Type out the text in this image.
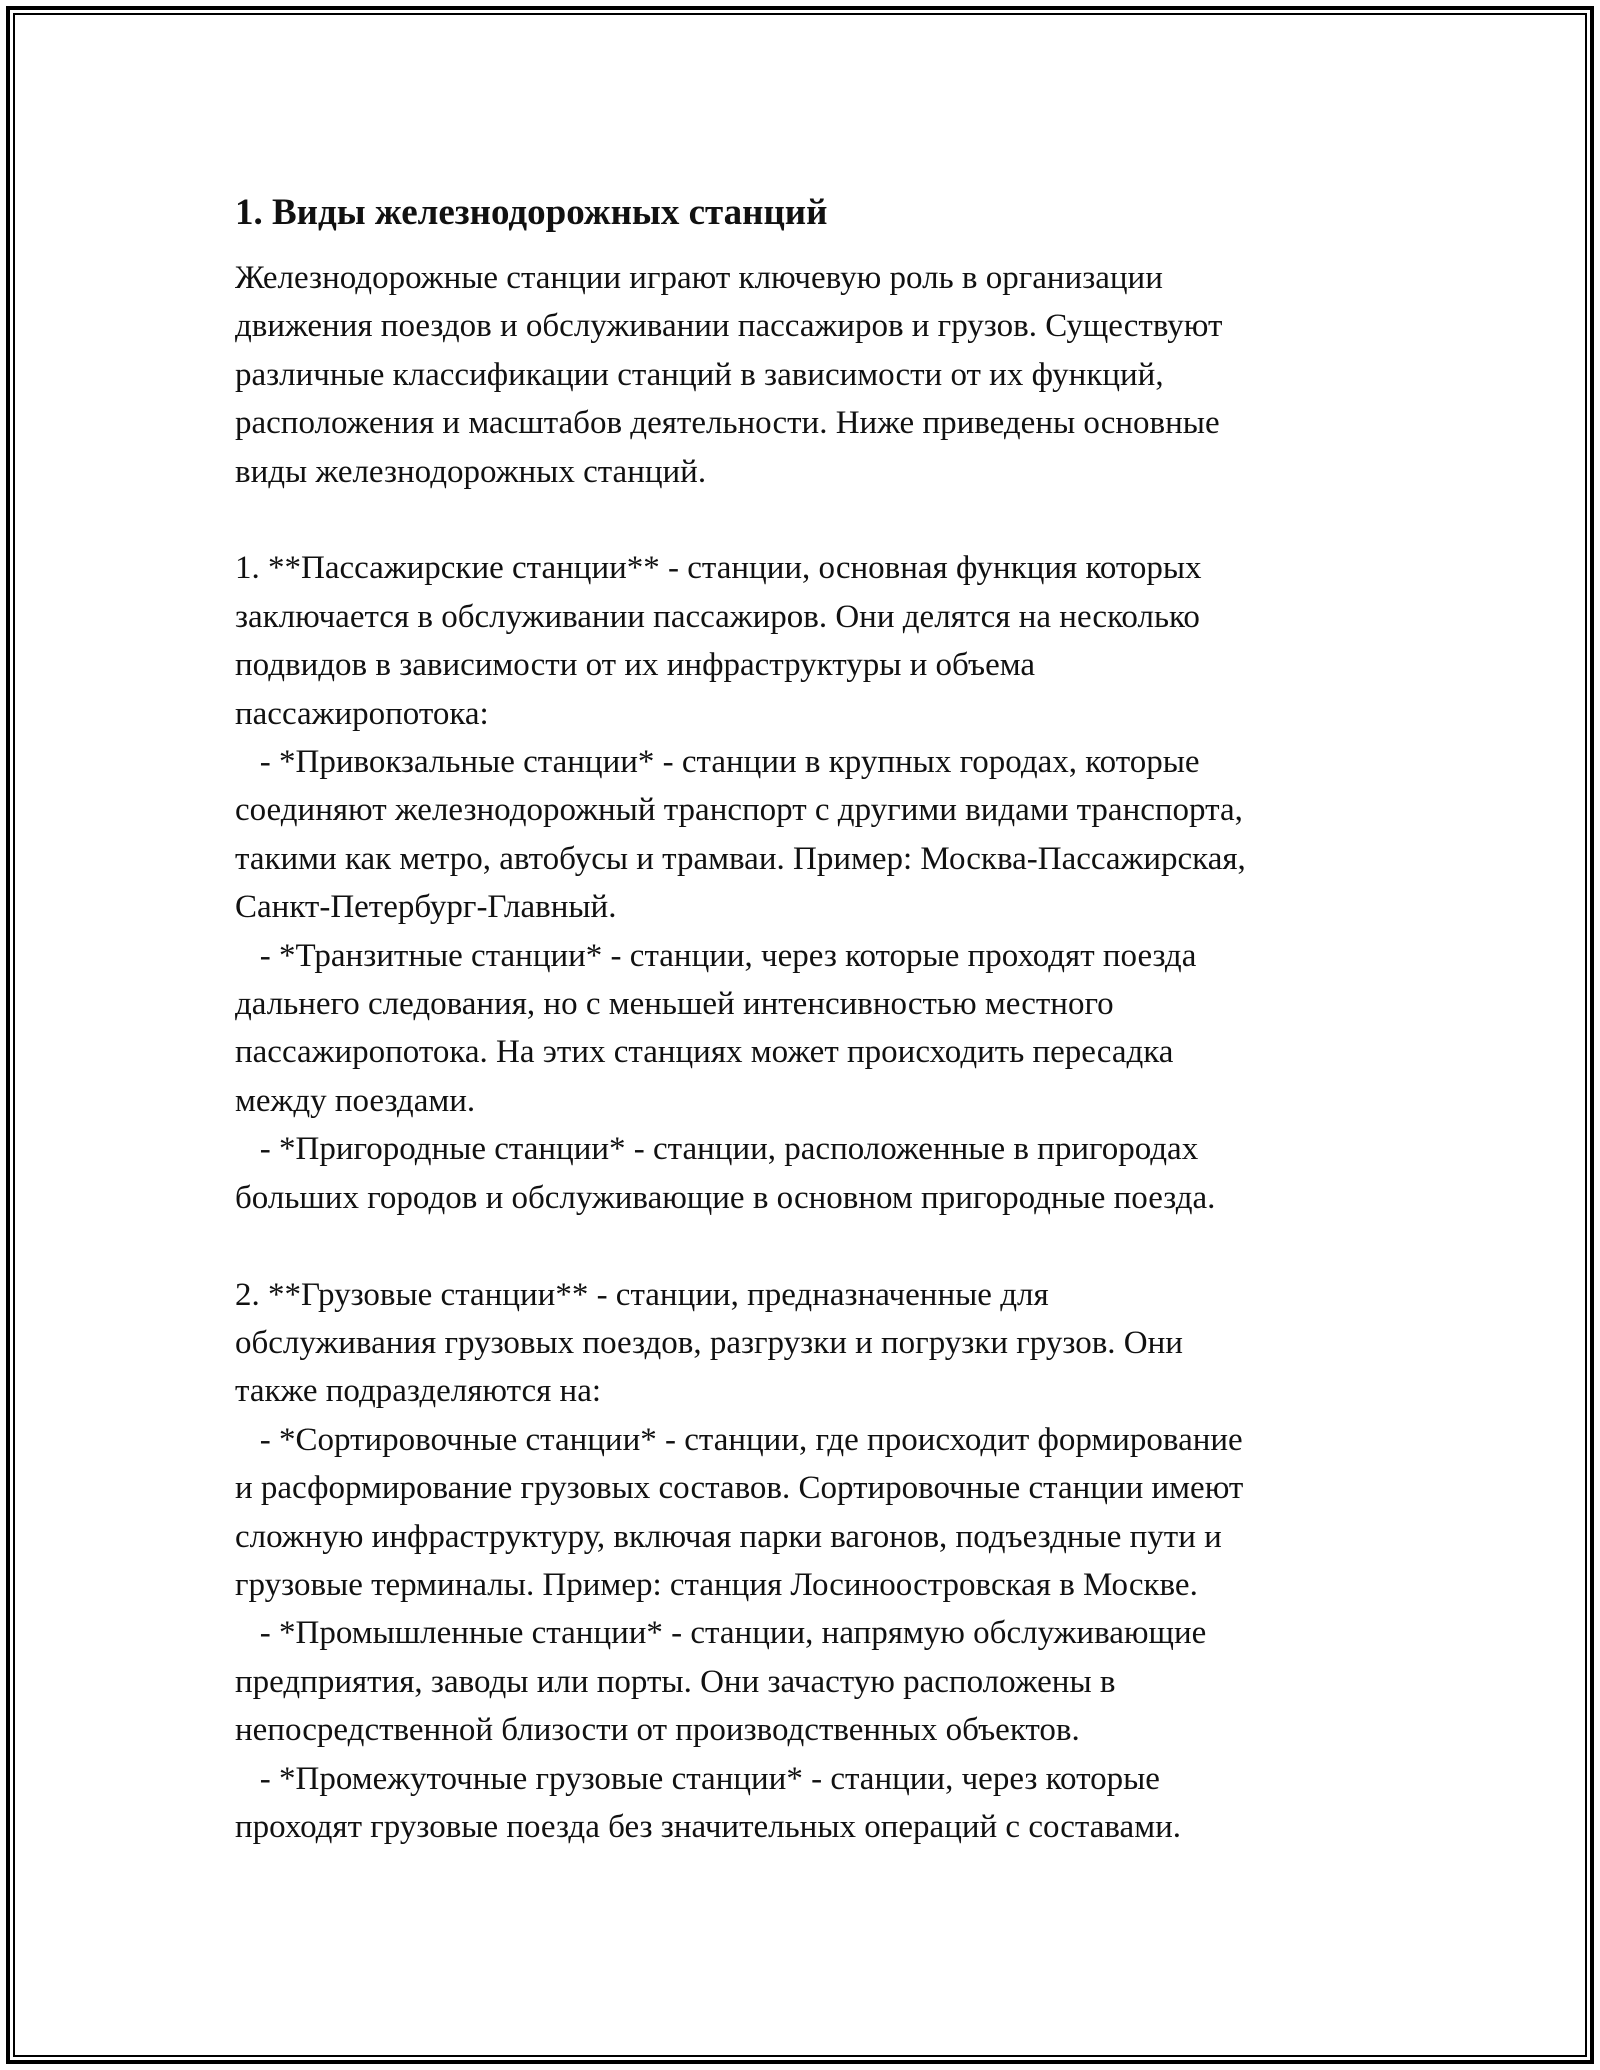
1. Виды железнодорожных станций

Железнодорожные станции играют ключевую роль в организации
движения поездов и обслуживании пассажиров и грузов. Существуют
различные классификации станций в зависимости от их функций,
расположения и масштабов деятельности. Ниже приведены основные
виды железнодорожных станций.

1. **Пассажирские станции** - станции, основная функция которых
заключается в обслуживании пассажиров. Они делятся на несколько
подвидов в зависимости от их инфраструктуры и объема
пассажиропотока:
- *Привокзальные станции* - станции в крупных городах, которые
соединяют железнодорожный транспорт с другими видами транспорта,
такими как метро, автобусы и трамваи. Пример: Москва-Пассажирская,
Санкт-Петербург-Главный.
- *Транзитные станции* - станции, через которые проходят поезда
дальнего следования, но с меньшей интенсивностью местного
пассажиропотока. На этих станциях может происходить пересадка
между поездами.
- *Пригородные станции* - станции, расположенные в пригородах
больших городов и обслуживающие в основном пригородные поезда.

2. **Грузовые станции** - станции, предназначенные для
обслуживания грузовых поездов, разгрузки и погрузки грузов. Они
также подразделяются на:
- *Сортировочные станции* - станции, где происходит формирование
и расформирование грузовых составов. Сортировочные станции имеют
сложную инфраструктуру, включая парки вагонов, подъездные пути и
грузовые терминалы. Пример: станция Лосиноостровская в Москве.
- *Промышленные станции* - станции, напрямую обслуживающие
предприятия, заводы или порты. Они зачастую расположены в
непосредственной близости от производственных объектов.
- *Промежуточные грузовые станции* - станции, через которые
проходят грузовые поезда без значительных операций с составами.
